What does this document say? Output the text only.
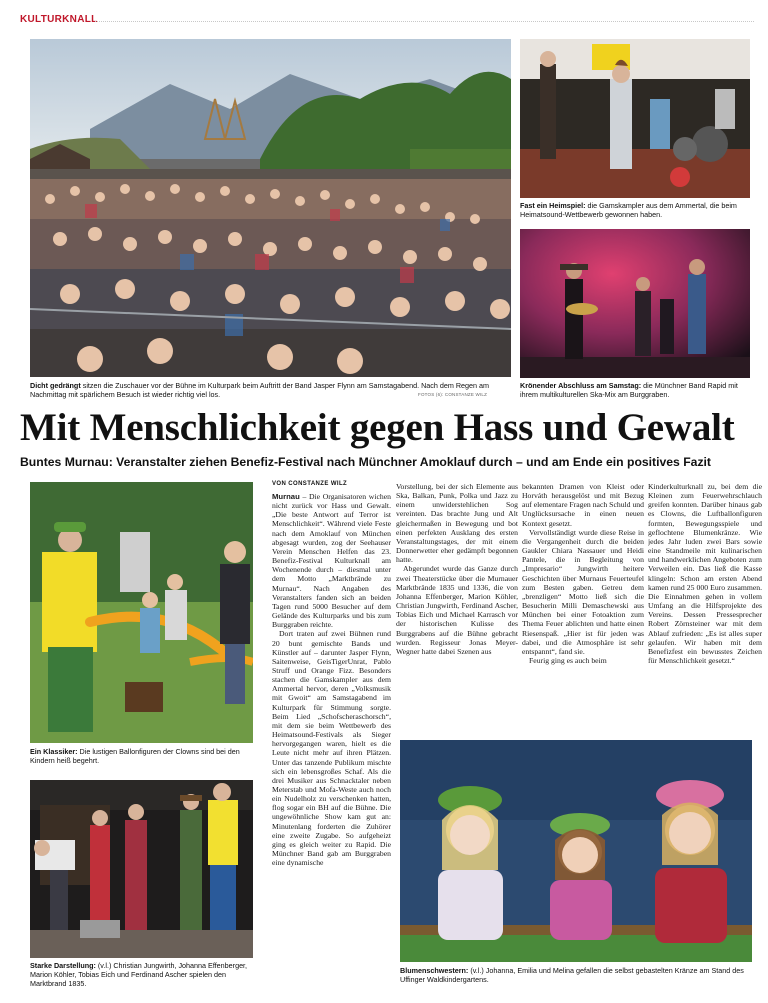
KULTURKNALL
Dicht gedrängt sitzen die Zuschauer vor der Bühne im Kulturpark beim Auftritt der Band Jasper Flynn am Samstagabend. Nach dem Regen am Nachmittag mit spärlichem Besuch ist wieder richtig viel los.	FOTOS (6): CONSTANZE WILZ
Fast ein Heimspiel: die Gamskampler aus dem Ammertal, die beim Heimatsound-Wettbewerb gewonnen haben.
Krönender Abschluss am Samstag: die Münchner Band Rapid mit ihrem multikulturellen Ska-Mix am Burggraben.
Mit Menschlichkeit gegen Hass und Gewalt
Buntes Murnau: Veranstalter ziehen Benefiz-Festival nach Münchner Amoklauf durch – und am Ende ein positives Fazit
Ein Klassiker: Die lustigen Ballonfiguren der Clowns sind bei den Kindern heiß begehrt.
Starke Darstellung: (v.l.) Christian Jungwirth, Johanna Effenberger, Marion Köhler, Tobias Eich und Ferdinand Ascher spielen den Marktbrand 1835.
VON CONSTANZE WILZ

Murnau – Die Organisatoren wichen nicht zurück vor Hass und Gewalt. „Die beste Antwort auf Terror ist Menschlichkeit“. Während viele Feste nach dem Amoklauf von München abgesagt wurden, zog der Seehauser Verein Menschen Helfen das 23. Benefiz-Festival Kulturknall am Wochenende durch – diesmal unter dem Motto „Marktbrände zu Murnau“. Nach Angaben des Veranstalters fanden sich an beiden Tagen rund 5000 Besucher auf dem Gelände des Kulturparks und bis zum Burggraben reichte.

Dort traten auf zwei Bühnen rund 20 bunt gemischte Bands und Künstler auf – darunter Jasper Flynn, Saitenweise, GeisTigerUnrat, Pablo Struff und Orange Fizz. Besonders stachen die Gamskampler aus dem Ammertal hervor, deren „Volksmusik mit Gwoit“ am Samstagabend im Kulturpark für Stimmung sorgte. Beim Lied „Schofscheraschorsch“, mit dem sie beim Wettbewerb des Heimatsound-Festivals als Sieger hervorgegangen waren, hielt es die Leute nicht mehr auf ihren Plätzen. Unter das tanzende Publikum mischte sich ein lebensgroßes Schaf. Als die drei Musiker aus Schnacktaler neben Meterstab und Mofa-Weste auch noch ein Nudelholz zu verschenken hatten, flog sogar ein BH auf die Bühne. Die ungewöhnliche Show kam gut an: Minutenlang forderten die Zuhörer eine zweite Zugabe. So aufgeheizt ging es gleich weiter zu Rapid. Die Münchner Band gab am Burggraben eine dynamische

Vorstellung, bei der sich Elemente aus Ska, Balkan, Punk, Polka und Jazz zu einem unwiderstehlichen Sog vereinten. Das brachte Jung und Alt gleichermaßen in Bewegung und bot einen perfekten Ausklang des ersten Veranstaltungstages, der mit einem Donnerwetter eher gedämpft begonnen hatte.

Abgerundet wurde das Ganze durch zwei Theaterstücke über die Murnauer Marktbrände 1835 und 1336, die von Johanna Effenberger, Marion Köhler, Christian Jungwirth, Ferdinand Ascher, Tobias Eich und Michael Karrasch vor der historischen Kulisse des Burggrabens auf die Bühne gebracht wurden. Regisseur Jonas Meyer-Wegner hatte dabei Szenen aus

bekannten Dramen von Kleist oder Horváth herausgelöst und mit Bezug auf elementare Fragen nach Schuld und Unglücksursache in einen neuen Kontext gesetzt.

Vervollständigt wurde diese Reise in die Vergangenheit durch die beiden Gaukler Chiara Nassauer und Heidi Pantele, die in Begleitung von „Impresario“ Jungwirth heitere Geschichten über Murnaus Feuerteufel zum Besten gaben. Getreu dem „brenzligen“ Motto ließ sich die Besucherin Milli Demaschewski aus München bei einer Fotoaktion zum Thema Feuer ablichten und hatte einen Riesenspaß. „Hier ist für jeden was dabei, und die Atmosphäre ist sehr entspannt“, fand sie.

Feurig ging es auch beim

Kinderkulturknall zu, bei dem die Kleinen zum Feuerwehrschlauch greifen konnten. Darüber hinaus gab es Clowns, die Luftballonfiguren formten, Bewegungsspiele und geflochtene Blumenkränze. Wie jedes Jahr luden zwei Bars sowie eine Standmeile mit kulinarischen und handwerklichen Angeboten zum Verweilen ein. Das ließ die Kasse klingeln: Schon am ersten Abend kamen rund 25 000 Euro zusammen. Die Einnahmen gehen in vollem Umfang an die Hilfsprojekte des Vereins. Dessen Pressesprecher Robert Zörnsteiner war mit dem Ablauf zufrieden: „Es ist alles super gelaufen. Wir haben mit dem Benefizfest ein bewusstes Zeichen für Menschlichkeit gesetzt.“

Blumenschwestern: (v.l.) Johanna, Emilia und Melina gefallen die selbst gebastelten Kränze am Stand des Uffinger Waldkindergartens.
